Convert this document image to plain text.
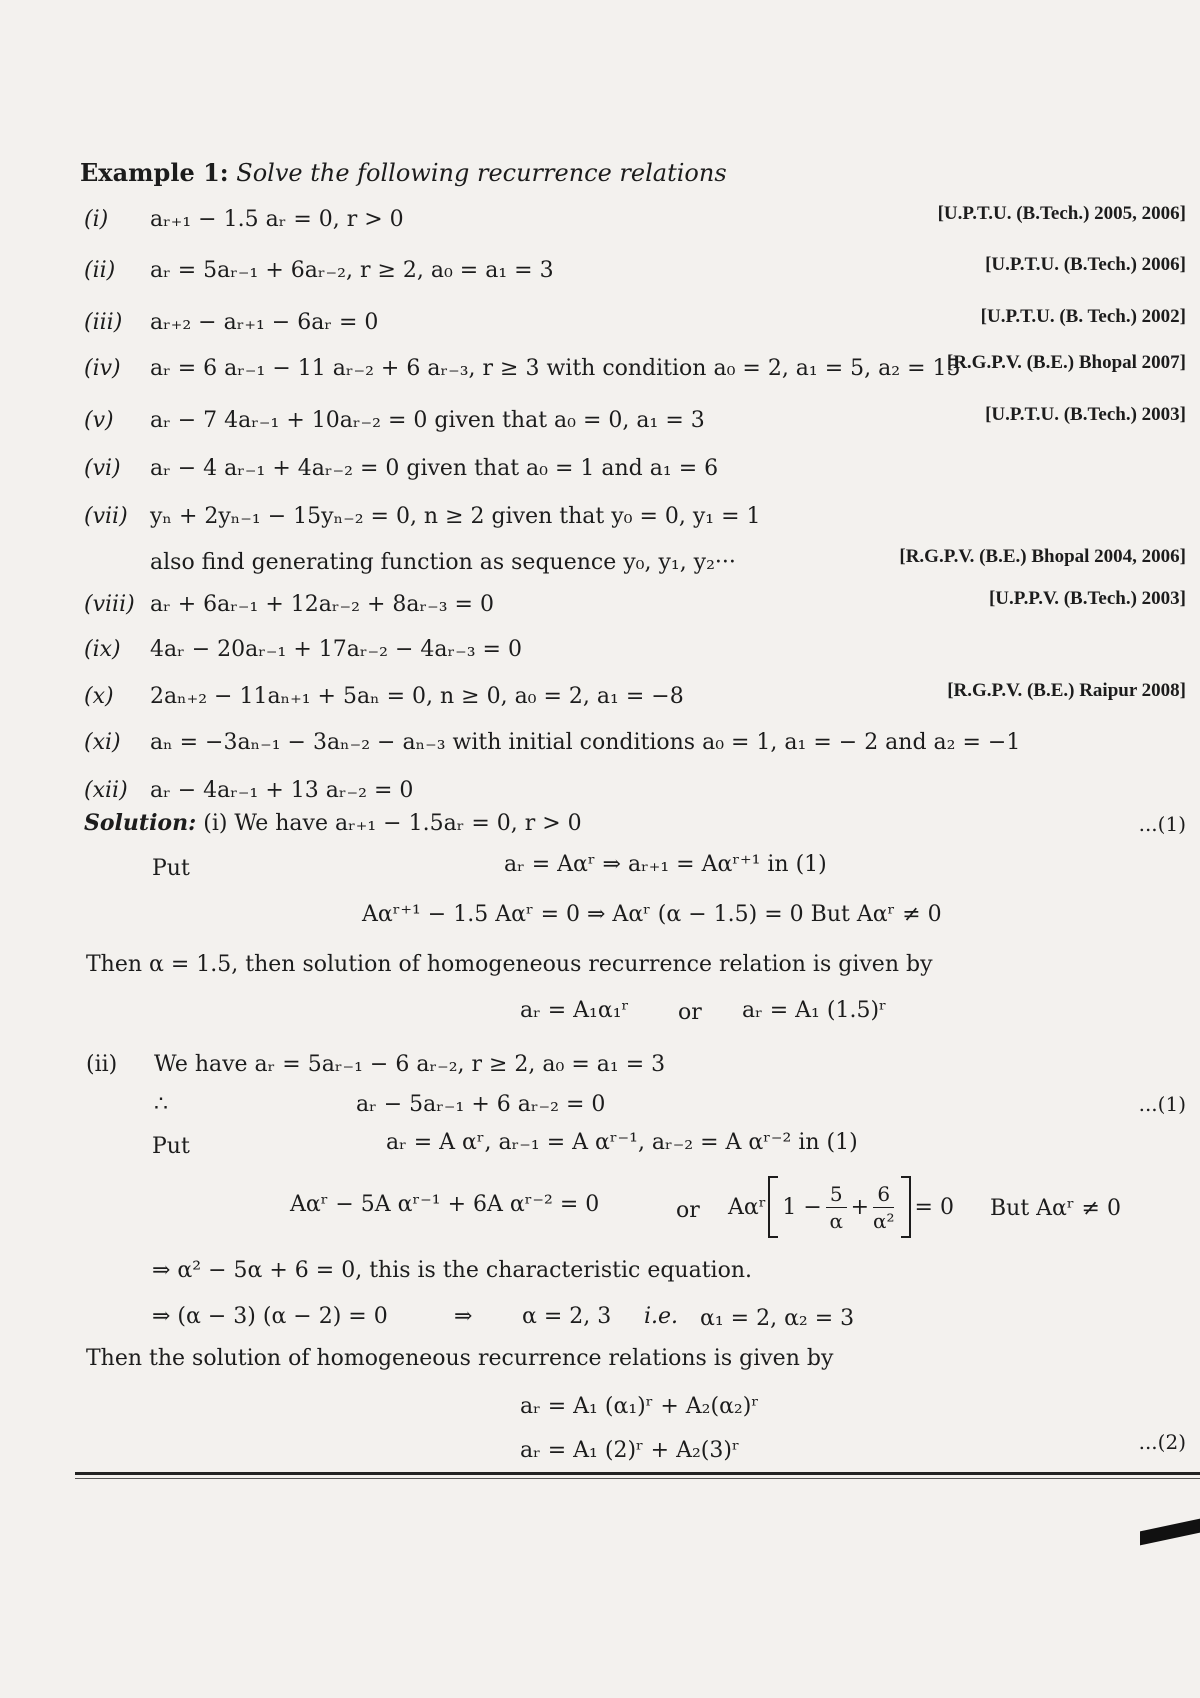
Example 1: Solve the following recurrence relations
(i) aᵣ₊₁ − 1.5 aᵣ = 0, r > 0	[U.P.T.U. (B.Tech.) 2005, 2006]
(ii) aᵣ = 5aᵣ₋₁ + 6aᵣ₋₂, r ≥ 2, a₀ = a₁ = 3	[U.P.T.U. (B.Tech.) 2006]
(iii) aᵣ₊₂ − aᵣ₊₁ − 6aᵣ = 0	[U.P.T.U. (B. Tech.) 2002]
(iv) aᵣ = 6 aᵣ₋₁ − 11 aᵣ₋₂ + 6 aᵣ₋₃, r ≥ 3 with condition a₀ = 2, a₁ = 5, a₂ = 15
[R.G.P.V. (B.E.) Bhopal 2007]
(v) aᵣ − 7 4aᵣ₋₁ + 10aᵣ₋₂ = 0 given that a₀ = 0, a₁ = 3	[U.P.T.U. (B.Tech.) 2003]
(vi) aᵣ − 4 aᵣ₋₁ + 4aᵣ₋₂ = 0 given that a₀ = 1 and a₁ = 6
(vii) yₙ + 2yₙ₋₁ − 15yₙ₋₂ = 0, n ≥ 2 given that y₀ = 0, y₁ = 1
also find generating function as sequence y₀, y₁, y₂···	[R.G.P.V. (B.E.) Bhopal 2004, 2006]
(viii) aᵣ + 6aᵣ₋₁ + 12aᵣ₋₂ + 8aᵣ₋₃ = 0	[U.P.P.V. (B.Tech.) 2003]
(ix) 4aᵣ − 20aᵣ₋₁ + 17aᵣ₋₂ − 4aᵣ₋₃ = 0
(x) 2aₙ₊₂ − 11aₙ₊₁ + 5aₙ = 0, n ≥ 0, a₀ = 2, a₁ = −8	[R.G.P.V. (B.E.) Raipur 2008]
(xi) aₙ = −3aₙ₋₁ − 3aₙ₋₂ − aₙ₋₃ with initial conditions a₀ = 1, a₁ = − 2 and a₂ = −1
(xii) aᵣ − 4aᵣ₋₁ + 13 aᵣ₋₂ = 0
Solution: (i) We have aᵣ₊₁ − 1.5aᵣ = 0, r > 0	...(1)
Put	aᵣ = Aαʳ ⇒ aᵣ₊₁ = Aαʳ⁺¹ in (1)
Aαʳ⁺¹ − 1.5 Aαʳ = 0 ⇒ Aαʳ (α − 1.5) = 0 But Aαʳ ≠ 0
Then α = 1.5, then solution of homogeneous recurrence relation is given by
aᵣ = A₁α₁ʳ or aᵣ = A₁ (1.5)ʳ
(ii) We have aᵣ = 5aᵣ₋₁ − 6 aᵣ₋₂, r ≥ 2, a₀ = a₁ = 3
∴	aᵣ − 5aᵣ₋₁ + 6 aᵣ₋₂ = 0	...(1)
Put	aᵣ = A αʳ, aᵣ₋₁ = A αʳ⁻¹, aᵣ₋₂ = A αʳ⁻² in (1)
Aαʳ − 5A αʳ⁻¹ + 6A αʳ⁻² = 0	or Aαʳ $1 - \frac{5}{\alpha} + \frac{6}{\text{α²}} = 0$ But Aαʳ ≠ 0
⇒ α² − 5α + 6 = 0, this is the characteristic equation.
⇒ (α − 3) (α − 2) = 0	⇒ α = 2, 3 i.e. α₁ = 2, α₂ = 3
Then the solution of homogeneous recurrence relations is given by
aᵣ = A₁ (α₁)ʳ + A₂(α₂)ʳ
aᵣ = A₁ (2)ʳ + A₂(3)ʳ	...(2)
